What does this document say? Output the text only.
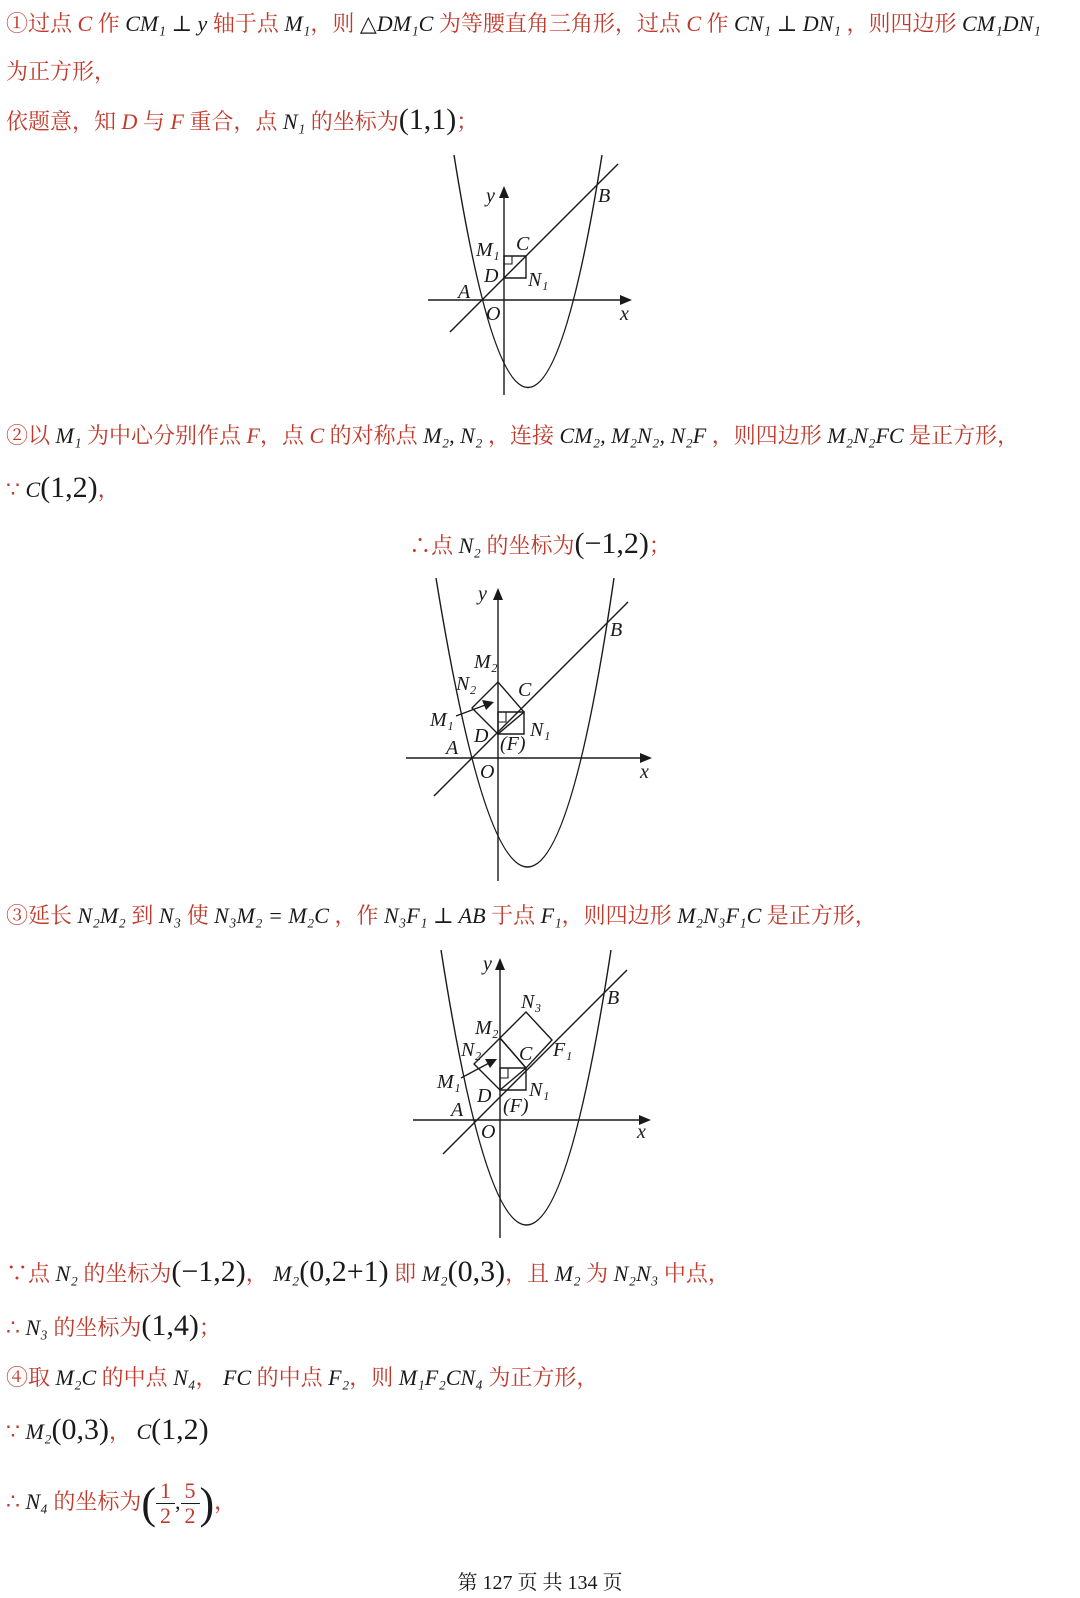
①过点 C 作 CM₁ ⊥ y 轴于点 M₁，则 △DM₁C 为等腰直角三角形，过点 C 作 CN₁ ⊥ DN₁ ，则四边形 CM₁DN₁
为正方形，
依题意，知 D 与 F 重合，点 N₁ 的坐标为(1,1)；
y
x
O
A
B
C
D
M₁
N₁
②以 M₁ 为中心分别作点 F，点 C 的对称点 M₂, N₂ ，连接 CM₂, M₂N₂, N₂F ，则四边形 M₂N₂FC 是正方形，
∵ C(1,2)，
∴点 N₂ 的坐标为(−1,2)；
y
x
O
A
B
C
D
M₁	N₁
M₂
N₂
(F)
③延长 N₂M₂ 到 N₃ 使 N₃M₂ = M₂C ，作 N₃F₁ ⊥ AB 于点 F₁，则四边形 M₂N₃F₁C 是正方形，
y
x
O
A
B
C
D
M₁	N₁
M₂
N₂
N₃
F₁
(F)
∵点 N₂ 的坐标为(−1,2)， M₂(0,2+1) 即 M₂(0,3)，且 M₂ 为 N₂N₃ 中点，
∴ N₃ 的坐标为(1,4)；
④取 M₂C 的中点 N₄， FC 的中点 F₂，则 M₁F₂CN₄ 为正方形，
∵ M₂(0,3)， C(1,2)
∴ N₄ 的坐标为( $\frac{1}{2}$ , $\frac{5}{2}$ )，
第 127 页 共 134 页
